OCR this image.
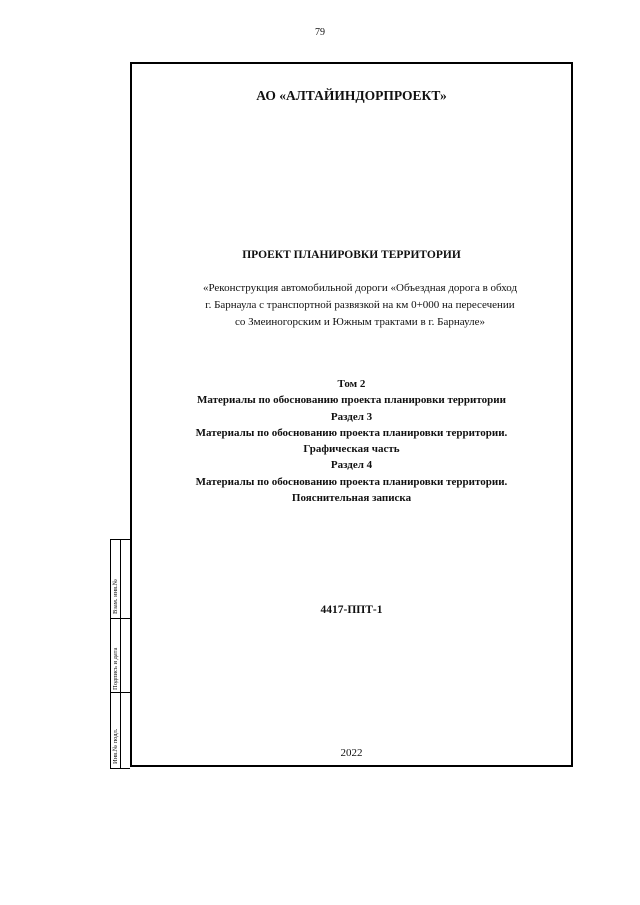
79
Взам. инв.№
Подпись и дата
Инв.№ подл.
АО «АЛТАЙИНДОРПРОЕКТ»
ПРОЕКТ ПЛАНИРОВКИ ТЕРРИТОРИИ
«Реконструкция автомобильной дороги «Объездная дорога в обход
г. Барнаула с транспортной развязкой на км 0+000 на пересечении
со Змеиногорским и Южным трактами в г. Барнауле»
Том 2
Материалы по обоснованию проекта планировки территории
Раздел 3
Материалы по обоснованию проекта планировки территории.
Графическая часть
Раздел 4
Материалы по обоснованию проекта планировки территории.
Пояснительная записка
4417-ППТ-1
2022
